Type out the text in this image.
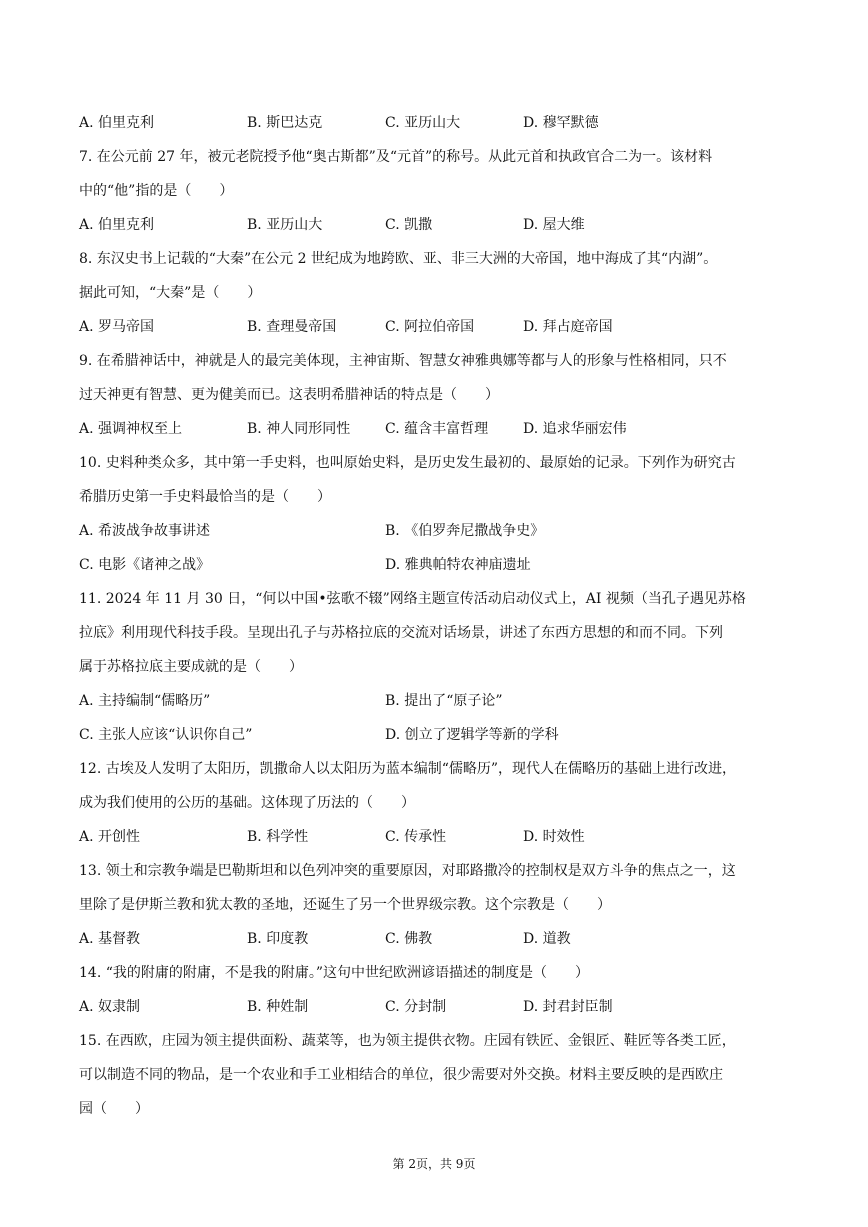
A. 伯里克利	B. 斯巴达克	C. 亚历山大	D. 穆罕默德
7. 在公元前 27 年，被元老院授予他“奥古斯都”及“元首”的称号。从此元首和执政官合二为一。该材料
中的“他”指的是（　　）
A. 伯里克利	B. 亚历山大	C. 凯撒	D. 屋大维
8. 东汉史书上记载的“大秦”在公元 2 世纪成为地跨欧、亚、非三大洲的大帝国，地中海成了其“内湖”。
据此可知，“大秦”是（　　）
A. 罗马帝国	B. 查理曼帝国	C. 阿拉伯帝国	D. 拜占庭帝国
9. 在希腊神话中，神就是人的最完美体现，主神宙斯、智慧女神雅典娜等都与人的形象与性格相同，只不
过天神更有智慧、更为健美而已。这表明希腊神话的特点是（　　）
A. 强调神权至上	B. 神人同形同性 C. 蕴含丰富哲理 D. 追求华丽宏伟
10. 史料种类众多，其中第一手史料，也叫原始史料，是历史发生最初的、最原始的记录。下列作为研究古
希腊历史第一手史料最恰当的是（　　）
A. 希波战争故事讲述	B. 《伯罗奔尼撒战争史》
C. 电影《诸神之战》	D. 雅典帕特农神庙遗址
11. 2024 年 11 月 30 日，“何以中国•弦歌不辍”网络主题宣传活动启动仪式上，AI 视频（当孔子遇见苏格
拉底》利用现代科技手段。呈现出孔子与苏格拉底的交流对话场景，讲述了东西方思想的和而不同。下列
属于苏格拉底主要成就的是（　　）
A. 主持编制“儒略历”	B. 提出了“原子论”
C. 主张人应该“认识你自己”	D. 创立了逻辑学等新的学科
12. 古埃及人发明了太阳历，凯撒命人以太阳历为蓝本编制“儒略历”，现代人在儒略历的基础上进行改进，
成为我们使用的公历的基础。这体现了历法的（　　）
A. 开创性	B. 科学性	C. 传承性	D. 时效性
13. 领土和宗教争端是巴勒斯坦和以色列冲突的重要原因，对耶路撒冷的控制权是双方斗争的焦点之一，这
里除了是伊斯兰教和犹太教的圣地，还诞生了另一个世界级宗教。这个宗教是（　　）
A. 基督教	B. 印度教	C. 佛教	D. 道教
14. “我的附庸的附庸，不是我的附庸。”这句中世纪欧洲谚语描述的制度是（　　）
A. 奴隶制	B. 种姓制	C. 分封制	D. 封君封臣制
15. 在西欧，庄园为领主提供面粉、蔬菜等，也为领主提供衣物。庄园有铁匠、金银匠、鞋匠等各类工匠，
可以制造不同的物品，是一个农业和手工业相结合的单位，很少需要对外交换。材料主要反映的是西欧庄
园（　　）
第 2页，共 9页
